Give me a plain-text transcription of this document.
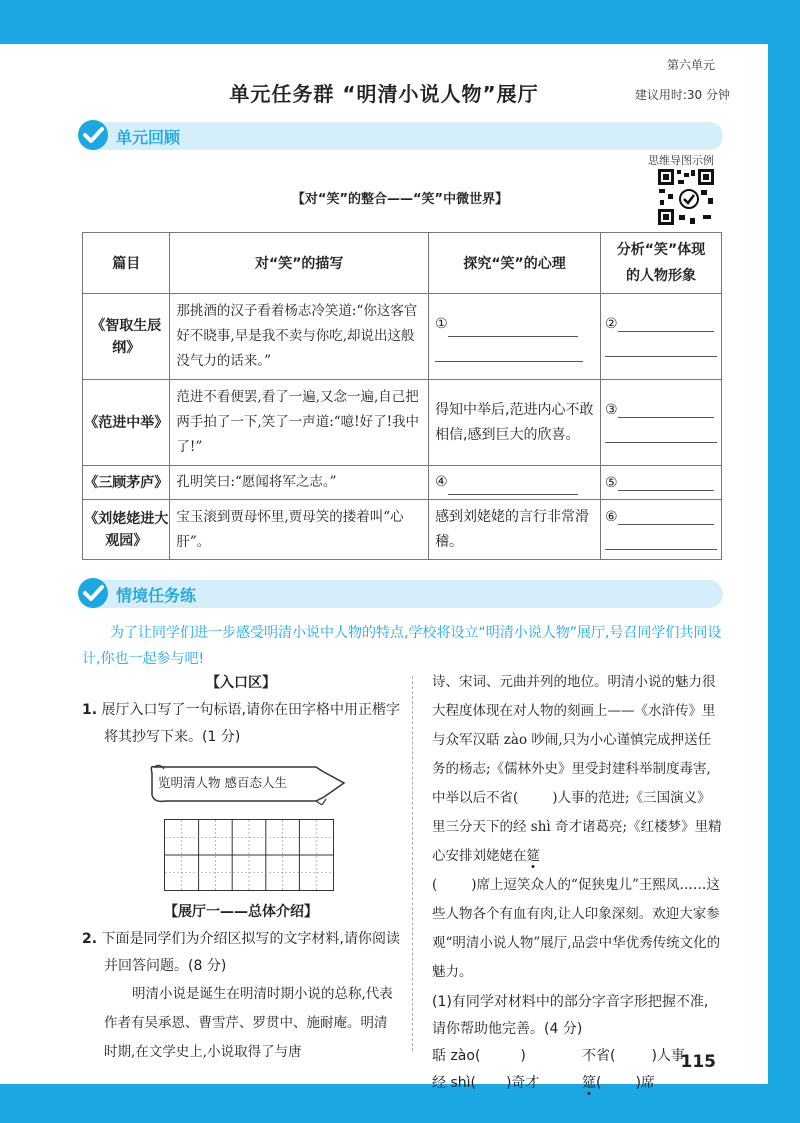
第六单元
单元任务群 “明清小说人物”展厅	建议用时:30 分钟
单元回顾
思维导图示例
【对“笑”的整合——“笑”中微世界】
篇目	对“笑”的描写	探究“笑”的心理	分析“笑”体现的人物形象
《智取生辰纲》	那挑酒的汉子看着杨志冷笑道:“你这客官好不晓事,早是我不卖与你吃,却说出这般没气力的话来。”	①	②
《范进中举》	范进不看便罢,看了一遍,又念一遍,自己把两手拍了一下,笑了一声道:“噫!好了!我中了!”	得知中举后,范进内心不敢相信,感到巨大的欣喜。	③
《三顾茅庐》	孔明笑曰:“愿闻将军之志。”	④	⑤
《刘姥姥进大观园》	宝玉滚到贾母怀里,贾母笑的搂着叫“心肝”。	感到刘姥姥的言行非常滑稽。	⑥
情境任务练
为了让同学们进一步感受明清小说中人物的特点,学校将设立“明清小说人物”展厅,号召同学们共同设计,你也一起参与吧!
【入口区】
1. 展厅入口写了一句标语,请你在田字格中用正楷字将其抄写下来。(1 分)
览明清人物 感百态人生
【展厅一——总体介绍】
2. 下面是同学们为介绍区拟写的文字材料,请你阅读并回答问题。(8 分)
明清小说是诞生在明清时期小说的总称,代表作者有吴承恩、曹雪芹、罗贯中、施耐庵。明清时期,在文学史上,小说取得了与唐
诗、宋词、元曲并列的地位。明清小说的魅力很大程度体现在对人物的刻画上——《水浒传》里与众军汉聒 zào 吵闹,只为小心谨慎完成押送任务的杨志;《儒林外史》里受封建科举制度毒害,中举以后不省(	)人事的范进;《三国演义》里三分天下的经 shì 奇才诸葛亮;《红楼梦》里精心安排刘姥姥在筵
(	)席上逗笑众人的“促狭鬼儿”王熙凤……这些人物各个有血有肉,让人印象深刻。欢迎大家参观“明清小说人物”展厅,品尝中华优秀传统文化的魅力。
(1)有同学对材料中的部分字音字形把握不准,请你帮助他完善。(4 分)
聒 zào(	)	不省(	)人事
经 shì( )奇才	筵( )席
115
